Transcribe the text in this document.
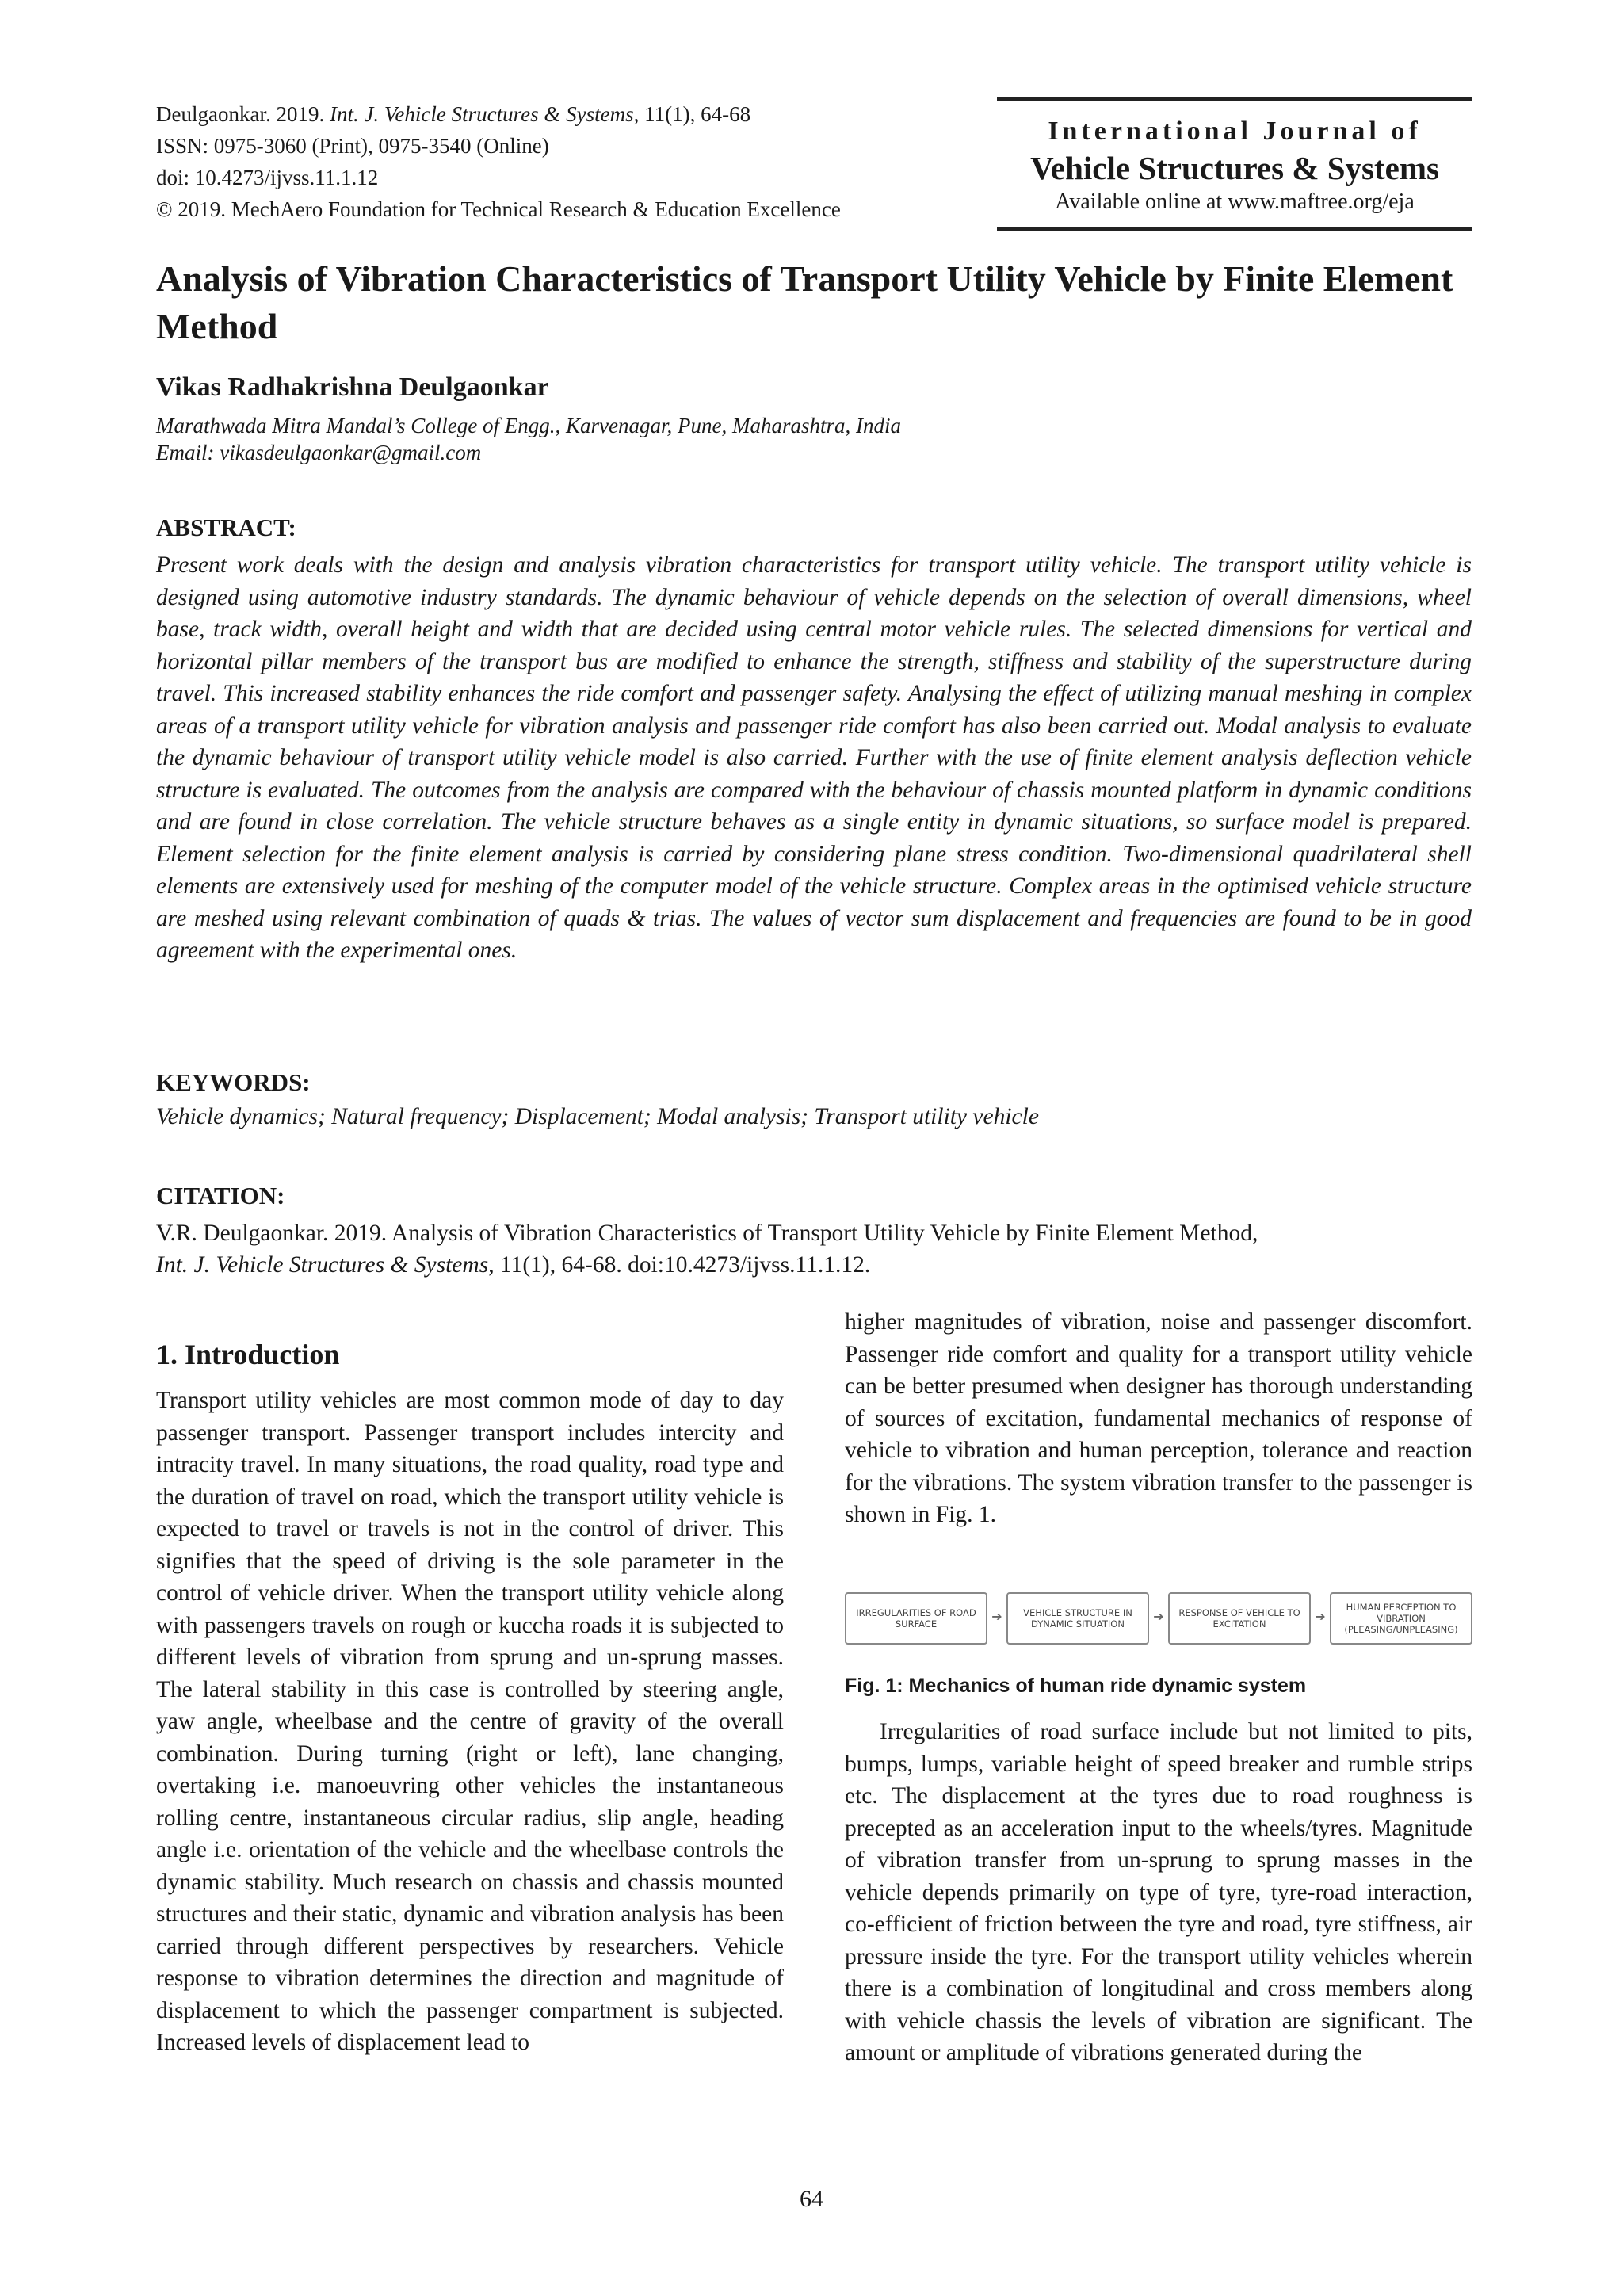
Deulgaonkar. 2019. Int. J. Vehicle Structures & Systems, 11(1), 64-68
ISSN: 0975-3060 (Print), 0975-3540 (Online)
doi: 10.4273/ijvss.11.1.12
© 2019. MechAero Foundation for Technical Research & Education Excellence
International Journal of
Vehicle Structures & Systems
Available online at www.maftree.org/eja
Analysis of Vibration Characteristics of Transport Utility Vehicle by Finite Element Method
Vikas Radhakrishna Deulgaonkar
Marathwada Mitra Mandal’s College of Engg., Karvenagar, Pune, Maharashtra, India
Email: vikasdeulgaonkar@gmail.com
ABSTRACT:
Present work deals with the design and analysis vibration characteristics for transport utility vehicle. The transport utility vehicle is designed using automotive industry standards. The dynamic behaviour of vehicle depends on the selection of overall dimensions, wheel base, track width, overall height and width that are decided using central motor vehicle rules. The selected dimensions for vertical and horizontal pillar members of the transport bus are modified to enhance the strength, stiffness and stability of the superstructure during travel. This increased stability enhances the ride comfort and passenger safety. Analysing the effect of utilizing manual meshing in complex areas of a transport utility vehicle for vibration analysis and passenger ride comfort has also been carried out. Modal analysis to evaluate the dynamic behaviour of transport utility vehicle model is also carried. Further with the use of finite element analysis deflection vehicle structure is evaluated. The outcomes from the analysis are compared with the behaviour of chassis mounted platform in dynamic conditions and are found in close correlation. The vehicle structure behaves as a single entity in dynamic situations, so surface model is prepared. Element selection for the finite element analysis is carried by considering plane stress condition. Two-dimensional quadrilateral shell elements are extensively used for meshing of the computer model of the vehicle structure. Complex areas in the optimised vehicle structure are meshed using relevant combination of quads & trias. The values of vector sum displacement and frequencies are found to be in good agreement with the experimental ones.
KEYWORDS:
Vehicle dynamics; Natural frequency; Displacement; Modal analysis; Transport utility vehicle
CITATION:
V.R. Deulgaonkar. 2019. Analysis of Vibration Characteristics of Transport Utility Vehicle by Finite Element Method,
Int. J. Vehicle Structures & Systems, 11(1), 64-68. doi:10.4273/ijvss.11.1.12.
1. Introduction
Transport utility vehicles are most common mode of day to day passenger transport. Passenger transport includes intercity and intracity travel. In many situations, the road quality, road type and the duration of travel on road, which the transport utility vehicle is expected to travel or travels is not in the control of driver. This signifies that the speed of driving is the sole parameter in the control of vehicle driver. When the transport utility vehicle along with passengers travels on rough or kuccha roads it is subjected to different levels of vibration from sprung and un-sprung masses. The lateral stability in this case is controlled by steering angle, yaw angle, wheelbase and the centre of gravity of the overall combination. During turning (right or left), lane changing, overtaking i.e. manoeuvring other vehicles the instantaneous rolling centre, instantaneous circular radius, slip angle, heading angle i.e. orientation of the vehicle and the wheelbase controls the dynamic stability. Much research on chassis and chassis mounted structures and their static, dynamic and vibration analysis has been carried through different perspectives by researchers. Vehicle response to vibration determines the direction and magnitude of displacement to which the passenger compartment is subjected. Increased levels of displacement lead to
higher magnitudes of vibration, noise and passenger discomfort. Passenger ride comfort and quality for a transport utility vehicle can be better presumed when designer has thorough understanding of sources of excitation, fundamental mechanics of response of vehicle to vibration and human perception, tolerance and reaction for the vibrations. The system vibration transfer to the passenger is shown in Fig. 1.
IRREGULARITIES OF ROAD SURFACE	➔	VEHICLE STRUCTURE IN DYNAMIC SITUATION	➔	RESPONSE OF VEHICLE TO EXCITATION	➔
HUMAN PERCEPTION TO VIBRATION (PLEASING/UNPLEASING)
Fig. 1: Mechanics of human ride dynamic system
Irregularities of road surface include but not limited to pits, bumps, lumps, variable height of speed breaker and rumble strips etc. The displacement at the tyres due to road roughness is precepted as an acceleration input to the wheels/tyres. Magnitude of vibration transfer from un-sprung to sprung masses in the vehicle depends primarily on type of tyre, tyre-road interaction, co-efficient of friction between the tyre and road, tyre stiffness, air pressure inside the tyre. For the transport utility vehicles wherein there is a combination of longitudinal and cross members along with vehicle chassis the levels of vibration are significant. The amount or amplitude of vibrations generated during the
64
